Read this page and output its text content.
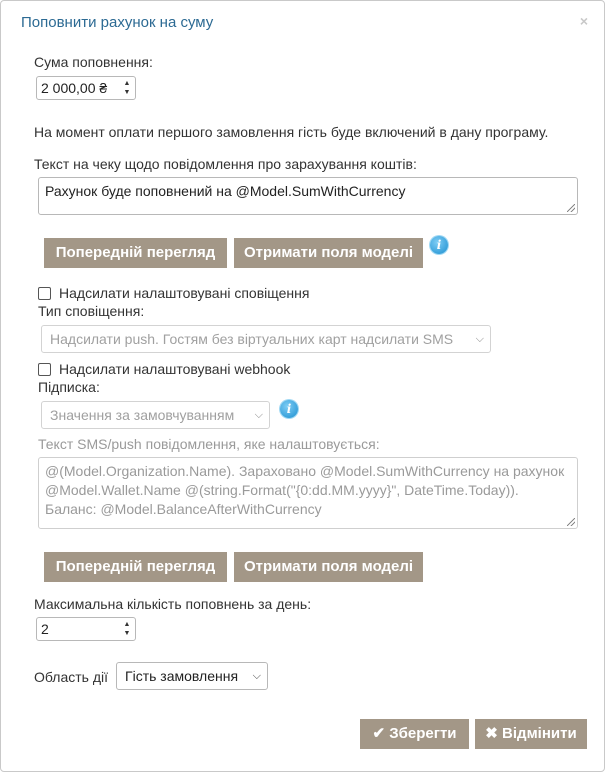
Поповнити рахунок на суму	×
Сума поповнення:
2 000,00 ₴ ▲
▼
На момент оплати першого замовлення гість буде включений в дану програму.
Текст на чеку щодо повідомлення про зарахування коштів:
Рахунок буде поповнений на @Model.SumWithCurrency
Попередній перегляд	Отримати поля моделі	i
Надсилати налаштовувані сповіщення
Тип сповіщення:
Надсилати push. Гостям без віртуальних карт надсилати SMS ⌵
Надсилати налаштовувані webhook
Підписка:
Значення за замовчуванням ⌵	i
Текст SMS/push повідомлення, яке налаштовується:
@(Model.Organization.Name). Зараховано @Model.SumWithCurrency на рахунок @Model.Wallet.Name @(string.Format("{0:dd.MM.yyyy}", DateTime.Today)). Баланс: @Model.BalanceAfterWithCurrency
Попередній перегляд	Отримати поля моделі
Максимальна кількість поповнень за день:
2	▲
▼
Область дії	Гість замовлення ⌵
✔ Зберегти	✖ Відмінити
